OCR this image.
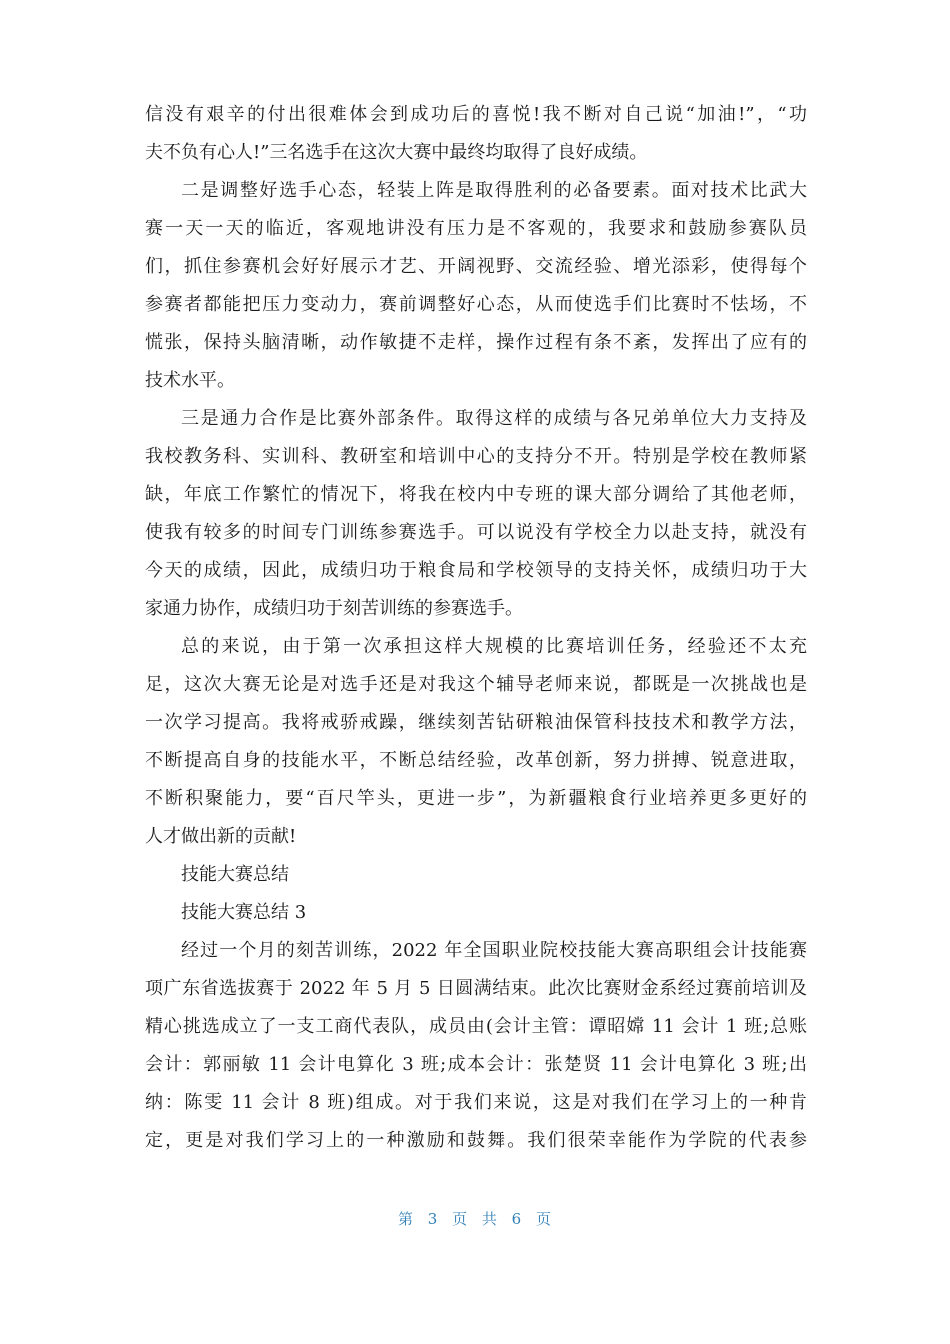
信没有艰辛的付出很难体会到成功后的喜悦!我不断对自己说“加油!”，“功
夫不负有心人!”三名选手在这次大赛中最终均取得了良好成绩。
二是调整好选手心态，轻装上阵是取得胜利的必备要素。面对技术比武大
赛一天一天的临近，客观地讲没有压力是不客观的，我要求和鼓励参赛队员
们，抓住参赛机会好好展示才艺、开阔视野、交流经验、增光添彩，使得每个
参赛者都能把压力变动力，赛前调整好心态，从而使选手们比赛时不怯场，不
慌张，保持头脑清晰，动作敏捷不走样，操作过程有条不紊，发挥出了应有的
技术水平。
三是通力合作是比赛外部条件。取得这样的成绩与各兄弟单位大力支持及
我校教务科、实训科、教研室和培训中心的支持分不开。特别是学校在教师紧
缺，年底工作繁忙的情况下，将我在校内中专班的课大部分调给了其他老师，
使我有较多的时间专门训练参赛选手。可以说没有学校全力以赴支持，就没有
今天的成绩，因此，成绩归功于粮食局和学校领导的支持关怀，成绩归功于大
家通力协作，成绩归功于刻苦训练的参赛选手。
总的来说，由于第一次承担这样大规模的比赛培训任务，经验还不太充
足，这次大赛无论是对选手还是对我这个辅导老师来说，都既是一次挑战也是
一次学习提高。我将戒骄戒躁，继续刻苦钻研粮油保管科技技术和教学方法，
不断提高自身的技能水平，不断总结经验，改革创新，努力拼搏、锐意进取，
不断积聚能力，要“百尺竿头，更进一步”，为新疆粮食行业培养更多更好的
人才做出新的贡献!
技能大赛总结
技能大赛总结 3
经过一个月的刻苦训练，2022 年全国职业院校技能大赛高职组会计技能赛
项广东省选拔赛于 2022 年 5 月 5 日圆满结束。此次比赛财金系经过赛前培训及
精心挑选成立了一支工商代表队，成员由(会计主管：谭昭嫦 11 会计 1 班;总账
会计：郭丽敏 11 会计电算化 3 班;成本会计：张楚贤 11 会计电算化 3 班;出
纳：陈雯 11 会计 8 班)组成。对于我们来说，这是对我们在学习上的一种肯
定，更是对我们学习上的一种激励和鼓舞。我们很荣幸能作为学院的代表参
第 3 页 共 6 页
